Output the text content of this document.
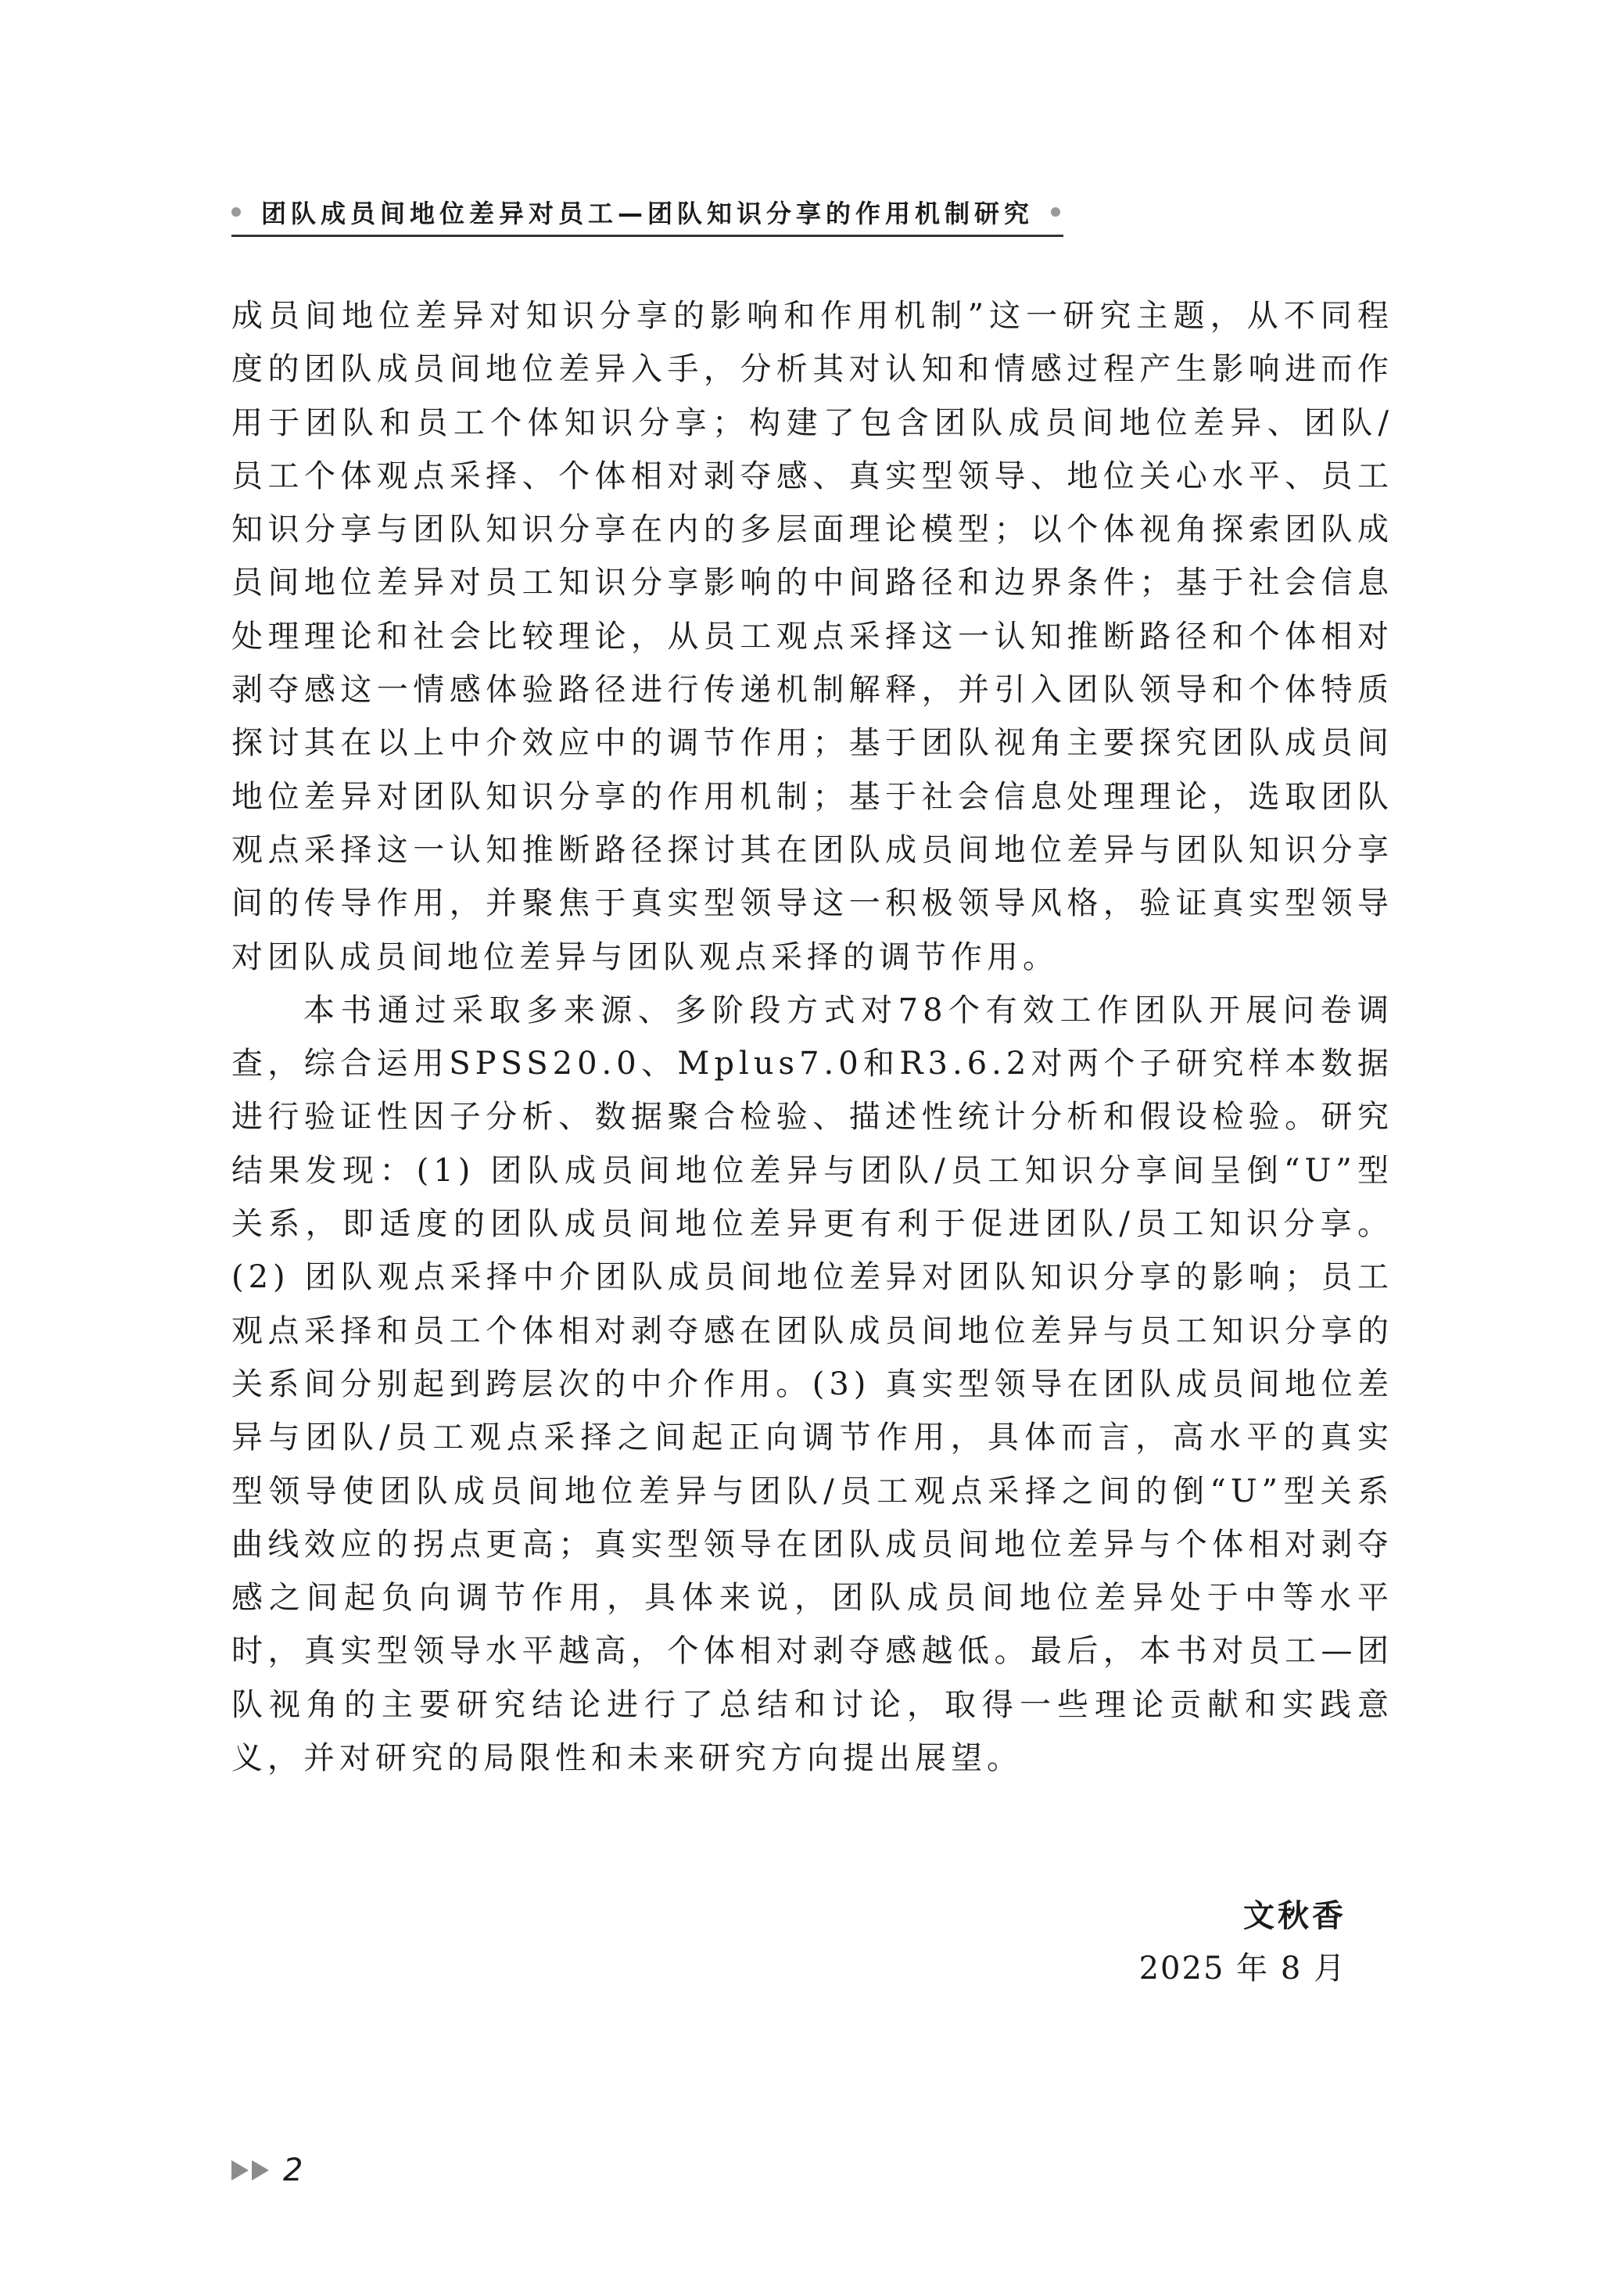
团队成员间地位差异对员工—团队知识分享的作用机制研究

成员间地位差异对知识分享的影响和作用机制”这一研究主题，从不同程度的团队成员间地位差异入手，分析其对认知和情感过程产生影响进而作用于团队和员工个体知识分享；构建了包含团队成员间地位差异、团队/员工个体观点采择、个体相对剥夺感、真实型领导、地位关心水平、员工知识分享与团队知识分享在内的多层面理论模型；以个体视角探索团队成员间地位差异对员工知识分享影响的中间路径和边界条件；基于社会信息处理理论和社会比较理论，从员工观点采择这一认知推断路径和个体相对剥夺感这一情感体验路径进行传递机制解释，并引入团队领导和个体特质探讨其在以上中介效应中的调节作用；基于团队视角主要探究团队成员间地位差异对团队知识分享的作用机制；基于社会信息处理理论，选取团队观点采择这一认知推断路径探讨其在团队成员间地位差异与团队知识分享间的传导作用，并聚焦于真实型领导这一积极领导风格，验证真实型领导对团队成员间地位差异与团队观点采择的调节作用。

本书通过采取多来源、多阶段方式对78个有效工作团队开展问卷调查，综合运用SPSS20.0、Mplus7.0和R3.6.2对两个子研究样本数据进行验证性因子分析、数据聚合检验、描述性统计分析和假设检验。研究结果发现：(1) 团队成员间地位差异与团队/员工知识分享间呈倒“U”型关系，即适度的团队成员间地位差异更有利于促进团队/员工知识分享。(2) 团队观点采择中介团队成员间地位差异对团队知识分享的影响；员工观点采择和员工个体相对剥夺感在团队成员间地位差异与员工知识分享的关系间分别起到跨层次的中介作用。(3) 真实型领导在团队成员间地位差异与团队/员工观点采择之间起正向调节作用，具体而言，高水平的真实型领导使团队成员间地位差异与团队/员工观点采择之间的倒“U”型关系曲线效应的拐点更高；真实型领导在团队成员间地位差异与个体相对剥夺感之间起负向调节作用，具体来说，团队成员间地位差异处于中等水平时，真实型领导水平越高，个体相对剥夺感越低。最后，本书对员工—团队视角的主要研究结论进行了总结和讨论，取得一些理论贡献和实践意义，并对研究的局限性和未来研究方向提出展望。

文秋香
2025 年 8 月
2
